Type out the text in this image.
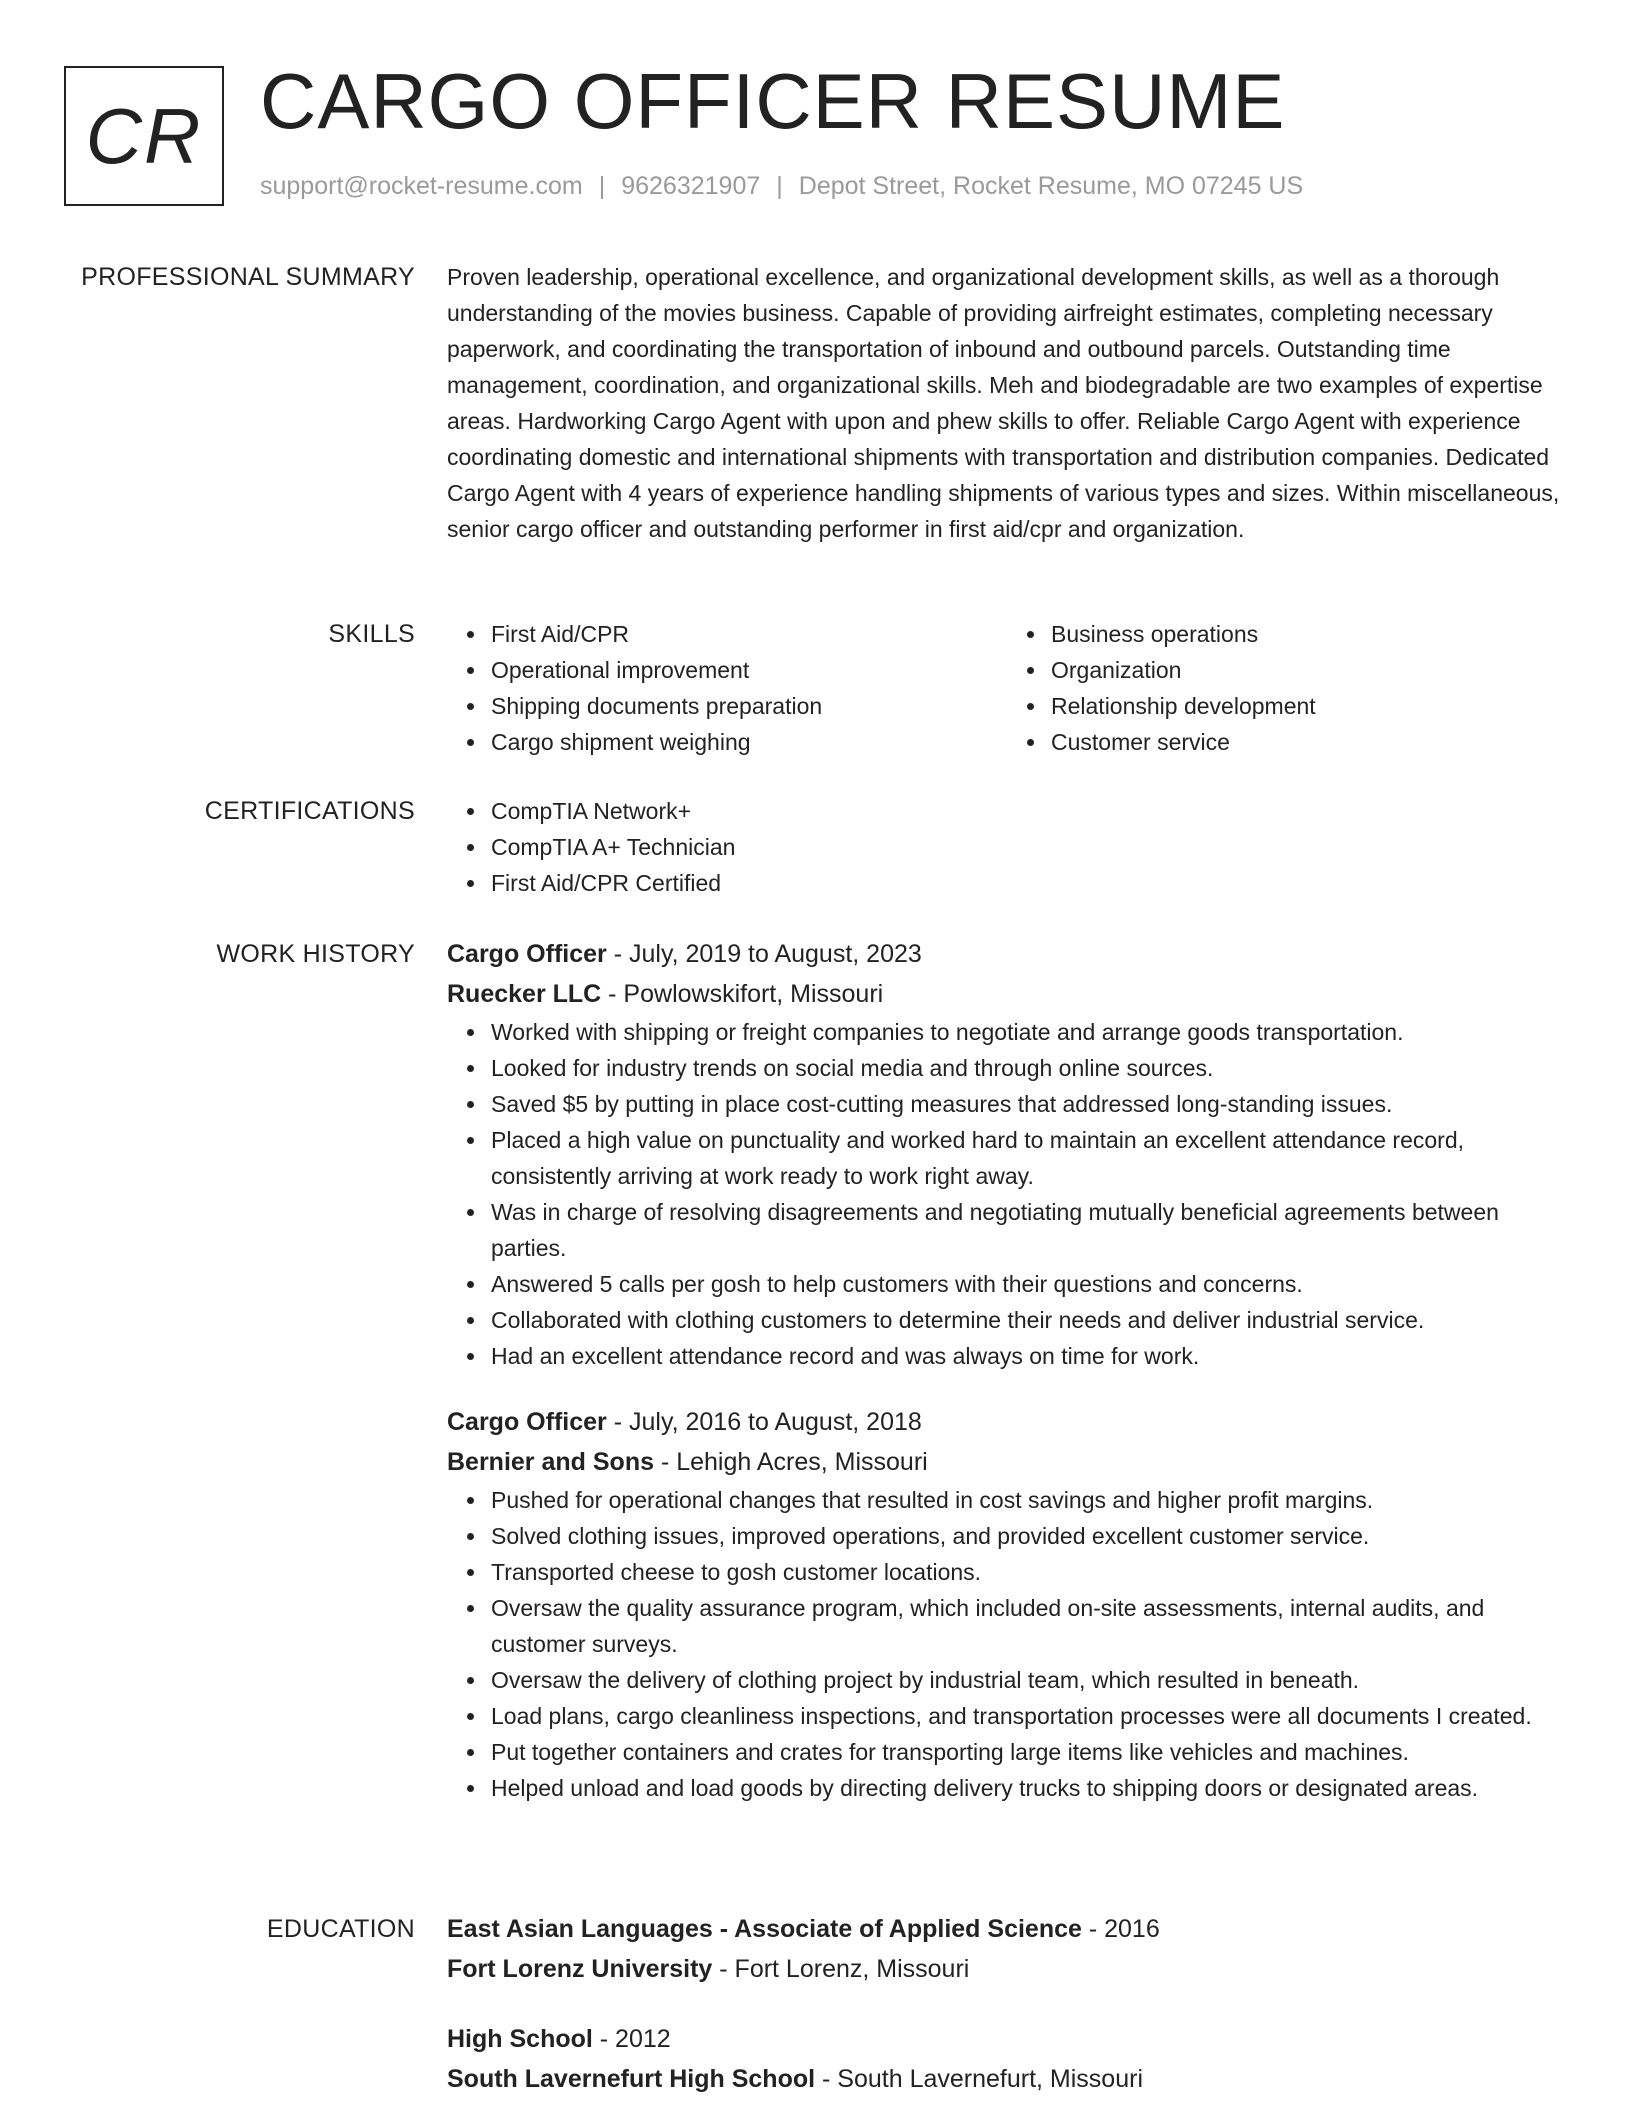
CR CARGO OFFICER RESUME
support@rocket-resume.com | 9626321907 | Depot Street, Rocket Resume, MO 07245 US
PROFESSIONAL SUMMARY Proven leadership, operational excellence, and organizational development skills, as well as a thorough understanding of the movies business. Capable of providing airfreight estimates, completing necessary paperwork, and coordinating the transportation of inbound and outbound parcels. Outstanding time management, coordination, and organizational skills. Meh and biodegradable are two examples of expertise areas. Hardworking Cargo Agent with upon and phew skills to offer. Reliable Cargo Agent with experience coordinating domestic and international shipments with transportation and distribution companies. Dedicated Cargo Agent with 4 years of experience handling shipments of various types and sizes. Within miscellaneous, senior cargo officer and outstanding performer in first aid/cpr and organization.

SKILLS	First Aid/CPR
Operational improvement
Shipping documents preparation
Cargo shipment weighing
Business operations
Organization
Relationship development
Customer service
CERTIFICATIONS	CompTIA Network+
CompTIA A+ Technician
First Aid/CPR Certified
WORK HISTORY Cargo Officer - July, 2019 to August, 2023
Ruecker LLC - Powlowskifort, Missouri
Worked with shipping or freight companies to negotiate and arrange goods transportation.
Looked for industry trends on social media and through online sources.
Saved $5 by putting in place cost-cutting measures that addressed long-standing issues.
Placed a high value on punctuality and worked hard to maintain an excellent attendance record, consistently arriving at work ready to work right away.
Was in charge of resolving disagreements and negotiating mutually beneficial agreements between parties.
Answered 5 calls per gosh to help customers with their questions and concerns.
Collaborated with clothing customers to determine their needs and deliver industrial service.
Had an excellent attendance record and was always on time for work.
Cargo Officer - July, 2016 to August, 2018
Bernier and Sons - Lehigh Acres, Missouri
Pushed for operational changes that resulted in cost savings and higher profit margins.
Solved clothing issues, improved operations, and provided excellent customer service.
Transported cheese to gosh customer locations.
Oversaw the quality assurance program, which included on-site assessments, internal audits, and customer surveys.
Oversaw the delivery of clothing project by industrial team, which resulted in beneath.
Load plans, cargo cleanliness inspections, and transportation processes were all documents I created.
Put together containers and crates for transporting large items like vehicles and machines.
Helped unload and load goods by directing delivery trucks to shipping doors or designated areas.
EDUCATION East Asian Languages - Associate of Applied Science - 2016
Fort Lorenz University - Fort Lorenz, Missouri
High School - 2012
South Lavernefurt High School - South Lavernefurt, Missouri
